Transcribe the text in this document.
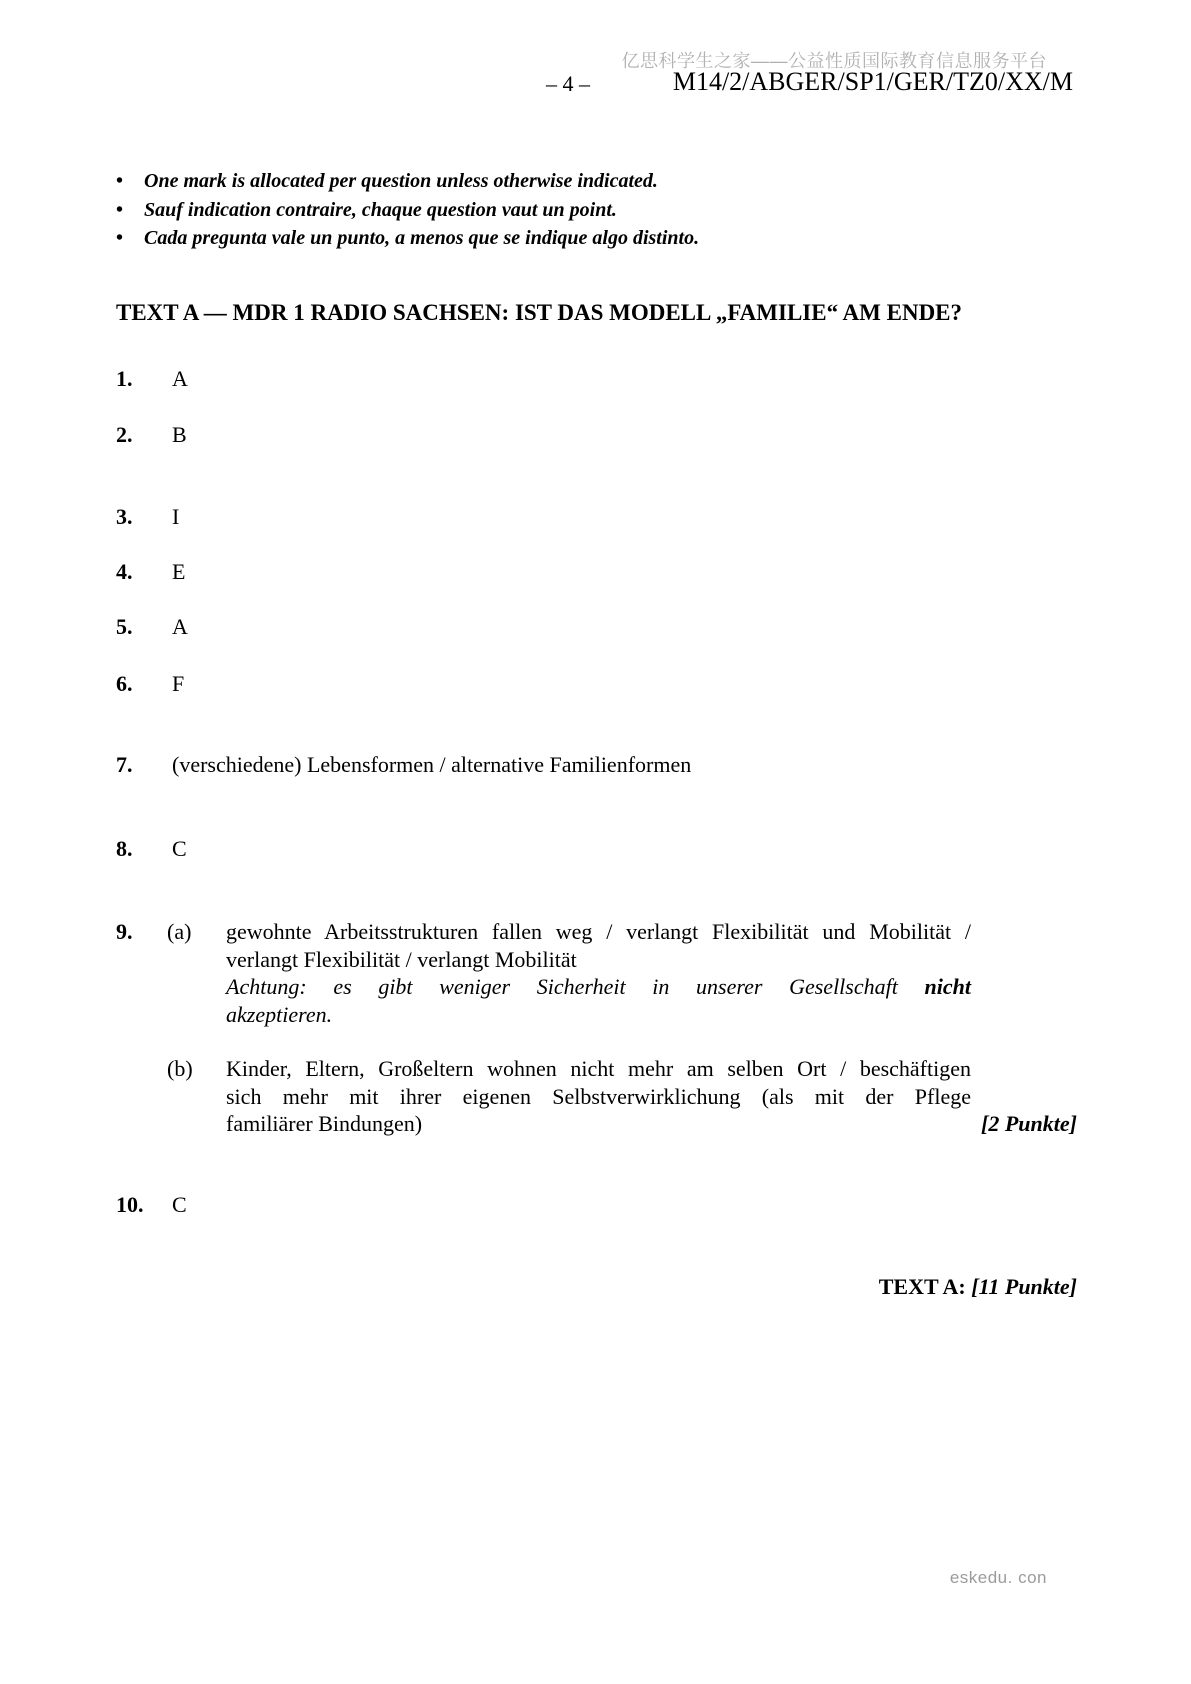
亿思科学生之家——公益性质国际教育信息服务平台
– 4 –	M14/2/ABGER/SP1/GER/TZ0/XX/M
• One mark is allocated per question unless otherwise indicated.
• Sauf indication contraire, chaque question vaut un point.
• Cada pregunta vale un punto, a menos que se indique algo distinto.
TEXT A — MDR 1 RADIO SACHSEN: IST DAS MODELL „FAMILIE“ AM ENDE?
1. A
2. B
3. I
4. E
5. A
6. F
7. (verschiedene) Lebensformen / alternative Familienformen
8. C
9. (a) gewohnte Arbeitsstrukturen fallen weg / verlangt Flexibilität und Mobilität /
verlangt Flexibilität / verlangt Mobilität
Achtung: es gibt weniger Sicherheit in unserer Gesellschaft nicht
akzeptieren.
(b) Kinder, Eltern, Großeltern wohnen nicht mehr am selben Ort / beschäftigen
sich mehr mit ihrer eigenen Selbstverwirklichung (als mit der Pflege
familiärer Bindungen)	[2 Punkte]
10. C
TEXT A: [11 Punkte]
eskedu. con
